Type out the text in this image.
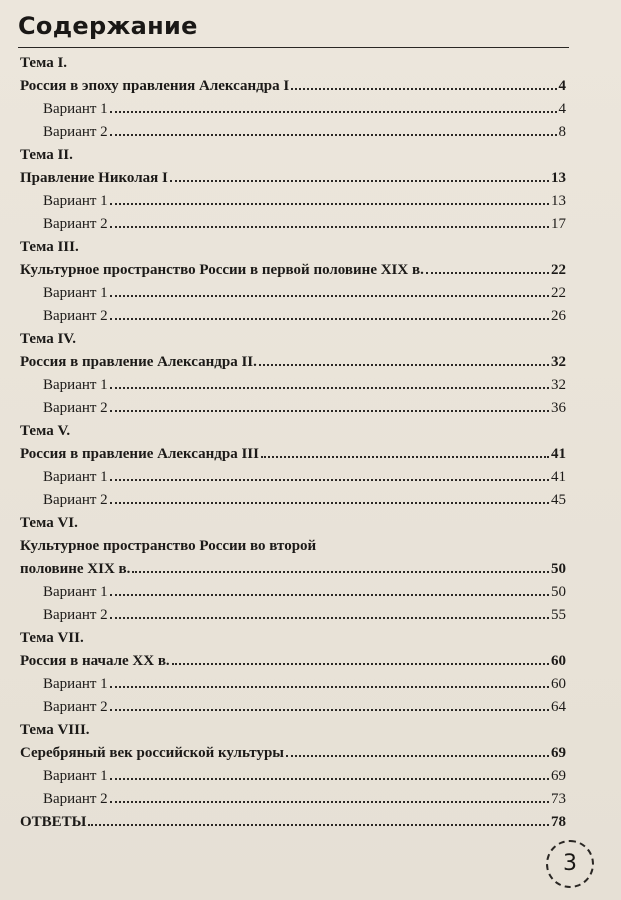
Содержание
Тема I.
Россия в эпоху правления Александра I	4
Вариант 1	4
Вариант 2	8
Тема II.
Правление Николая I	13
Вариант 1	13
Вариант 2	17
Тема III.
Культурное пространство России в первой половине XIX в.	22
Вариант 1	22
Вариант 2	26
Тема IV.
Россия в правление Александра II.	32
Вариант 1	32
Вариант 2	36
Тема V.
Россия в правление Александра III	41
Вариант 1	41
Вариант 2	45
Тема VI.
Культурное пространство России во второй
половине XIX в.	50
Вариант 1	50
Вариант 2	55
Тема VII.
Россия в начале XX в.	60
Вариант 1	60
Вариант 2	64
Тема VIII.
Серебряный век российской культуры	69
Вариант 1	69
Вариант 2	73
ОТВЕТЫ	78
3
